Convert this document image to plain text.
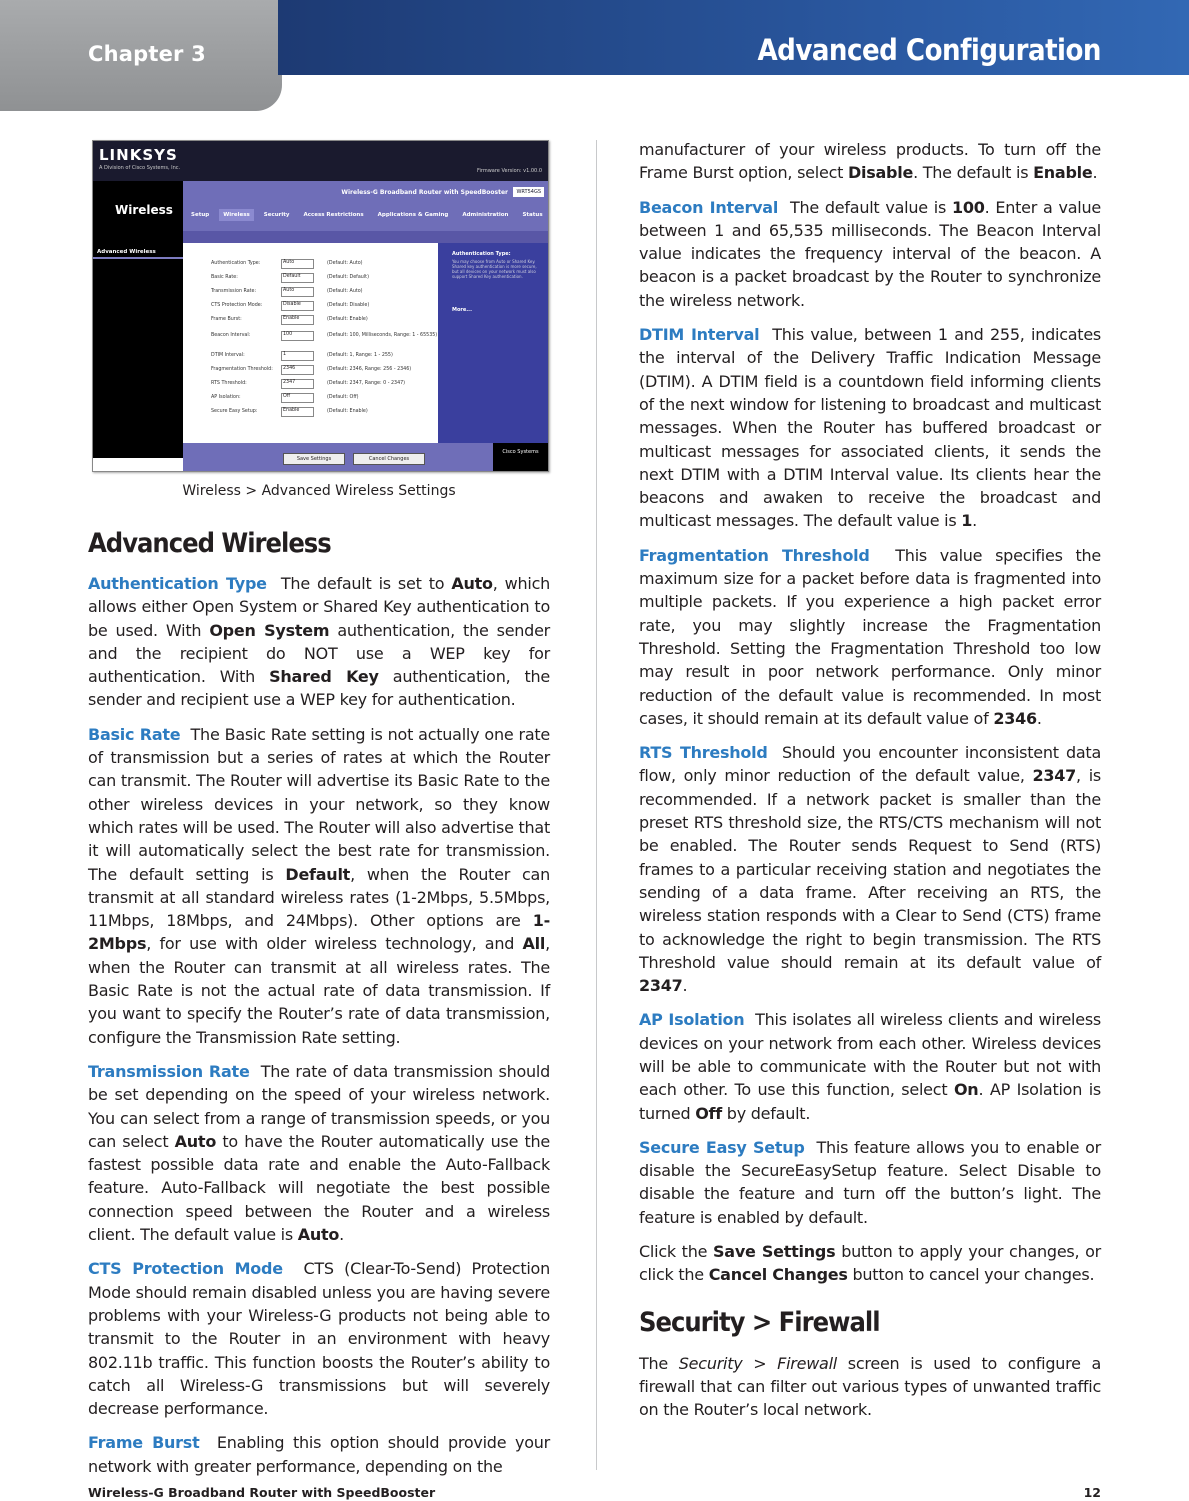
Chapter 3	Advanced Configuration
LINKSYS
A Division of Cisco Systems, Inc.	Firmware Version: v1.00.0
Wireless
Wireless-G Broadband Router with SpeedBooster	WRT54GS
Setup	Wireless	Security	Access Restrictions	Applications & Gaming	Administration	Status
Advanced Wireless
Authentication Type:	Auto	(Default: Auto)
Basic Rate:	Default	(Default: Default)
Transmission Rate:	Auto	(Default: Auto)
CTS Protection Mode:	Disable	(Default: Disable)
Frame Burst:	Enable	(Default: Enable)
Beacon Interval:	100	(Default: 100, Milliseconds, Range: 1 - 65535)
DTIM Interval:	1	(Default: 1, Range: 1 - 255)
Fragmentation Threshold:	2346	(Default: 2346, Range: 256 - 2346)
RTS Threshold:	2347	(Default: 2347, Range: 0 - 2347)
AP Isolation:	Off	(Default: Off)
Secure Easy Setup:	Enable	(Default: Enable)
Authentication Type:
You may choose from Auto or Shared Key. Shared key authentication is more secure, but all devices on your network must also support Shared Key authentication.
More...
Save Settings	Cancel Changes
Cisco Systems
Wireless > Advanced Wireless Settings
Advanced Wireless

Authentication Type  The default is set to Auto, which allows either Open System or Shared Key authentication to be used. With Open System authentication, the sender and the recipient do NOT use a WEP key for authentication. With Shared Key authentication, the sender and recipient use a WEP key for authentication.

Basic Rate  The Basic Rate setting is not actually one rate of transmission but a series of rates at which the Router can transmit. The Router will advertise its Basic Rate to the other wireless devices in your network, so they know which rates will be used. The Router will also advertise that it will automatically select the best rate for transmission. The default setting is Default, when the Router can transmit at all standard wireless rates (1-2Mbps, 5.5Mbps, 11Mbps, 18Mbps, and 24Mbps). Other options are 1-2Mbps, for use with older wireless technology, and All, when the Router can transmit at all wireless rates. The Basic Rate is not the actual rate of data transmission. If you want to specify the Router’s rate of data transmission, configure the Transmission Rate setting.

Transmission Rate  The rate of data transmission should be set depending on the speed of your wireless network. You can select from a range of transmission speeds, or you can select Auto to have the Router automatically use the fastest possible data rate and enable the Auto-Fallback feature. Auto-Fallback will negotiate the best possible connection speed between the Router and a wireless client. The default value is Auto.

CTS Protection Mode  CTS (Clear-To-Send) Protection Mode should remain disabled unless you are having severe problems with your Wireless-G products not being able to transmit to the Router in an environment with heavy 802.11b traffic. This function boosts the Router’s ability to catch all Wireless-G transmissions but will severely decrease performance.

Frame Burst  Enabling this option should provide your network with greater performance, depending on the

manufacturer of your wireless products. To turn off the Frame Burst option, select Disable. The default is Enable.

Beacon Interval  The default value is 100. Enter a value between 1 and 65,535 milliseconds. The Beacon Interval value indicates the frequency interval of the beacon. A beacon is a packet broadcast by the Router to synchronize the wireless network.

DTIM Interval  This value, between 1 and 255, indicates the interval of the Delivery Traffic Indication Message (DTIM). A DTIM field is a countdown field informing clients of the next window for listening to broadcast and multicast messages. When the Router has buffered broadcast or multicast messages for associated clients, it sends the next DTIM with a DTIM Interval value. Its clients hear the beacons and awaken to receive the broadcast and multicast messages. The default value is 1.

Fragmentation Threshold  This value specifies the maximum size for a packet before data is fragmented into multiple packets. If you experience a high packet error rate, you may slightly increase the Fragmentation Threshold. Setting the Fragmentation Threshold too low may result in poor network performance. Only minor reduction of the default value is recommended. In most cases, it should remain at its default value of 2346.

RTS Threshold  Should you encounter inconsistent data flow, only minor reduction of the default value, 2347, is recommended. If a network packet is smaller than the preset RTS threshold size, the RTS/CTS mechanism will not be enabled. The Router sends Request to Send (RTS) frames to a particular receiving station and negotiates the sending of a data frame. After receiving an RTS, the wireless station responds with a Clear to Send (CTS) frame to acknowledge the right to begin transmission. The RTS Threshold value should remain at its default value of 2347.

AP Isolation  This isolates all wireless clients and wireless devices on your network from each other. Wireless devices will be able to communicate with the Router but not with each other. To use this function, select On. AP Isolation is turned Off by default.

Secure Easy Setup  This feature allows you to enable or disable the SecureEasySetup feature. Select Disable to disable the feature and turn off the button’s light. The feature is enabled by default.

Click the Save Settings button to apply your changes, or click the Cancel Changes button to cancel your changes.

Security > Firewall

The Security > Firewall screen is used to configure a firewall that can filter out various types of unwanted traffic on the Router’s local network.

Wireless-G Broadband Router with SpeedBooster	12
